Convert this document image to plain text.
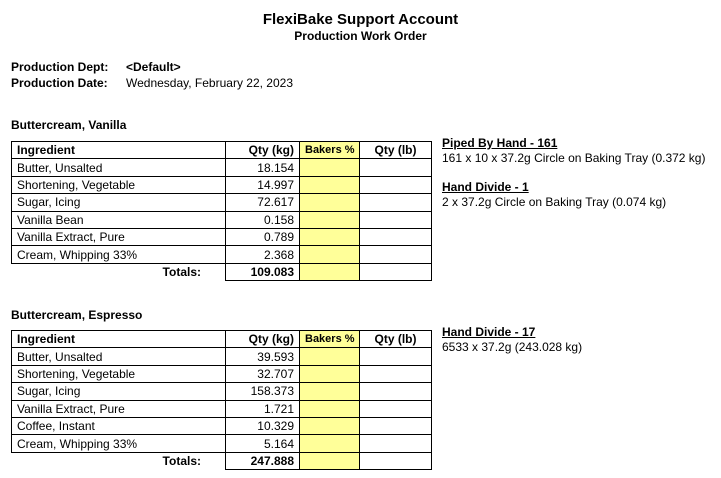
FlexiBake Support Account
Production Work Order
Production Dept: <Default>
Production Date: Wednesday, February 22, 2023
Buttercream, Vanilla
Ingredient	Qty (kg)	Bakers %	Qty (lb)
Butter, Unsalted	18.154		
Shortening, Vegetable	14.997		
Sugar, Icing	72.617		
Vanilla Bean	0.158		
Vanilla Extract, Pure	0.789		
Cream, Whipping 33%	2.368		
Totals:	109.083		
Piped By Hand - 161
161 x 10 x 37.2g Circle on Baking Tray (0.372 kg)
Hand Divide - 1
2 x 37.2g Circle on Baking Tray (0.074 kg)
Buttercream, Espresso
Ingredient	Qty (kg)	Bakers %	Qty (lb)
Butter, Unsalted	39.593		
Shortening, Vegetable	32.707		
Sugar, Icing	158.373		
Vanilla Extract, Pure	1.721		
Coffee, Instant	10.329		
Cream, Whipping 33%	5.164		
Totals:	247.888		
Hand Divide - 17
6533 x 37.2g (243.028 kg)
